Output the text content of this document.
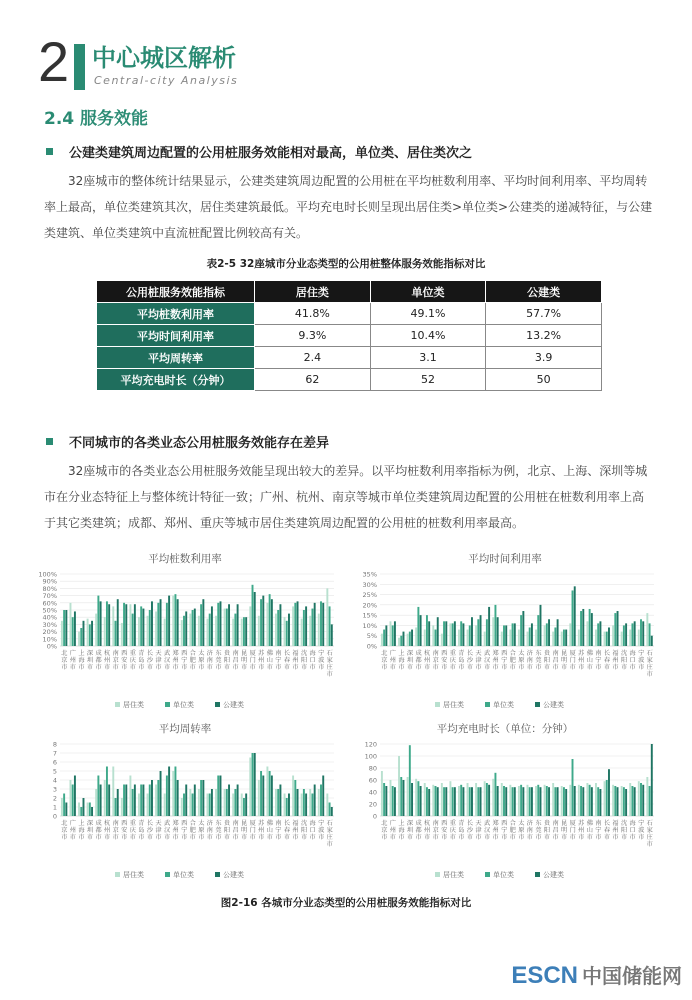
2 中心城区解析
Central-city Analysis
2.4 服务效能
公建类建筑周边配置的公用桩服务效能相对最高，单位类、居住类次之
32座城市的整体统计结果显示，公建类建筑周边配置的公用桩在平均桩数利用率、平均时间利用率、平均周转率上最高，单位类建筑其次，居住类建筑最低。平均充电时长则呈现出居住类>单位类>公建类的递减特征，与公建类建筑、单位类建筑中直流桩配置比例较高有关。
表2-5 32座城市分业态类型的公用桩整体服务效能指标对比
公用桩服务效能指标	居住类	单位类	公建类
平均桩数利用率	41.8%	49.1%	57.7%
平均时间利用率	9.3%	10.4%	13.2%
平均周转率	2.4	3.1	3.9
平均充电时长（分钟）	62	52	50
不同城市的各类业态公用桩服务效能存在差异
32座城市的各类业态公用桩服务效能呈现出较大的差异。以平均桩数利用率指标为例，北京、上海、深圳等城市在分业态特征上与整体统计特征一致；广州、杭州、南京等城市单位类建筑周边配置的公用桩在桩数利用率上高于其它类建筑；成都、郑州、重庆等城市居住类建筑周边配置的公用桩的桩数利用率最高。
平均桩数利用率
0%
10%
20%
30%
40%
50%
60%
70%
80%
90%
100%
北京市
广州市
上海市
深圳市
成都市
杭州市
南京市
西安市
重庆市
青岛市
长沙市
天津市
武汉市
郑州市
西宁市
合肥市
太原市
济南市
东莞市
贵阳市
南昌市
昆明市
厦门市
苏州市
佛山市
南宁市
长春市
福州市
沈阳市
海口市
宁波市
石家庄市
居住类	单位类	公建类
平均时间利用率
0%
5%
10%
15%
20%
25%
30%
35%
北京市
广州市
上海市
深圳市
成都市
杭州市
南京市
西安市
重庆市
青岛市
长沙市
天津市
武汉市
郑州市
西宁市
合肥市
太原市
济南市
东莞市
贵阳市
南昌市
昆明市
厦门市
苏州市
佛山市
南宁市
长春市
福州市
沈阳市
海口市
宁波市
石家庄市
居住类	单位类	公建类
平均周转率
0
1
2
3
4
5
6
7
8
北京市
广州市
上海市
深圳市
成都市
杭州市
南京市
西安市
重庆市
青岛市
长沙市
天津市
武汉市
郑州市
西宁市
合肥市
太原市
济南市
东莞市
贵阳市
南昌市
昆明市
厦门市
苏州市
佛山市
南宁市
长春市
福州市
沈阳市
海口市
宁波市
石家庄市
居住类	单位类	公建类
平均充电时长（单位：分钟）
0
20
40
60
80
100
120
北京市
广州市
上海市
深圳市
成都市
杭州市
南京市
西安市
重庆市
青岛市
长沙市
天津市
武汉市
郑州市
西宁市
合肥市
太原市
济南市
东莞市
贵阳市
南昌市
昆明市
厦门市
苏州市
佛山市
南宁市
长春市
福州市
沈阳市
海口市
宁波市
石家庄市
居住类	单位类	公建类
图2-16 各城市分业态类型的公用桩服务效能指标对比
ESCN 中国储能网
